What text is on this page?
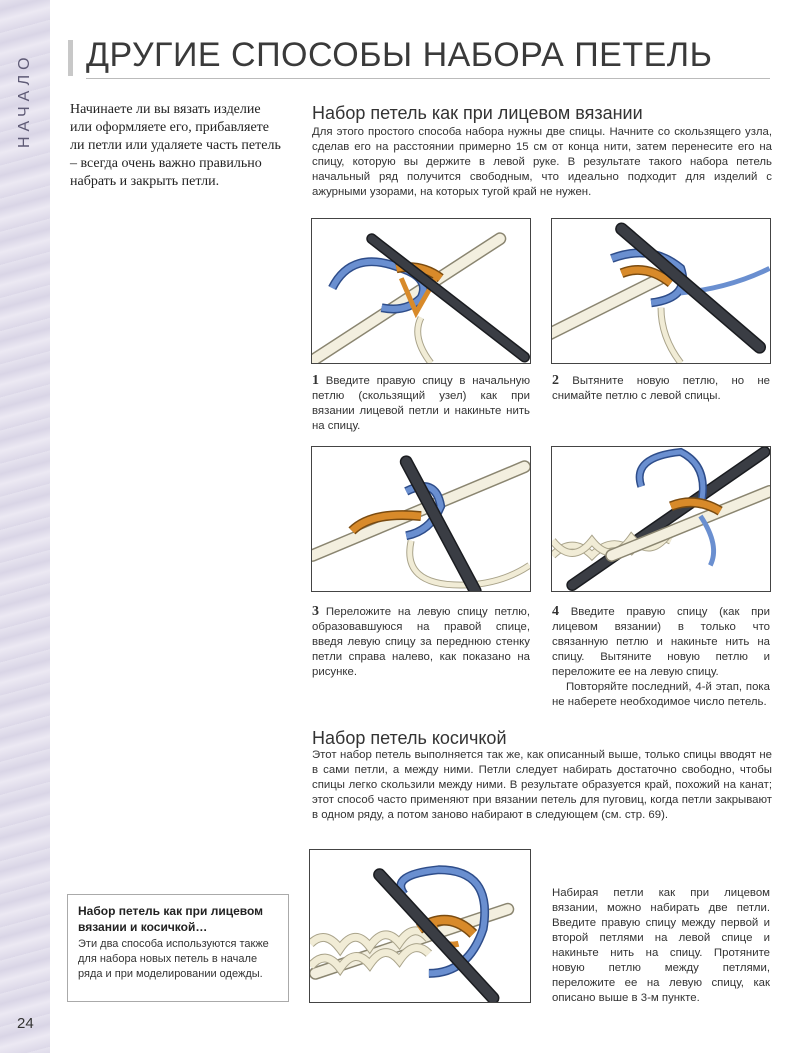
НАЧАЛО
24
ДРУГИЕ СПОСОБЫ НАБОРА ПЕТЕЛЬ
Начинаете ли вы вязать изделие или оформляете его, прибавляете ли петли или удаляете часть петель – всегда очень важно правильно набрать и закрыть петли.
Набор петель как при лицевом вязании
Для этого простого способа набора нужны две спицы. Начните со скользящего узла, сделав его на расстоянии примерно 15 см от конца нити, затем перенесите его на спицу, которую вы держите в левой руке. В результате такого набора петель начальный ряд получится свободным, что идеально подходит для изделий с ажурными узорами, на которых тугой край не нужен.
1 Введите правую спицу в начальную петлю (скользящий узел) как при вязании лицевой петли и накиньте нить на спицу.
2 Вытяните новую петлю, но не снимайте петлю с левой спицы.
3 Переложите на левую спицу петлю, образовавшуюся на правой спице, введя левую спицу за переднюю стенку петли справа налево, как показано на рисунке.
4 Введите правую спицу (как при лицевом вязании) в только что связанную петлю и накиньте нить на спицу. Вытяните новую петлю и переложите ее на левую спицу.
Повторяйте последний, 4-й этап, пока не наберете необходимое число петель.
Набор петель косичкой
Этот набор петель выполняется так же, как описанный выше, только спицы вводят не в сами петли, а между ними. Петли следует набирать достаточно свободно, чтобы спицы легко скользили между ними. В результате образуется край, похожий на канат; этот способ часто применяют при вязании петель для пуговиц, когда петли закрывают в одном ряду, а потом заново набирают в следующем (см. стр. 69).
Набирая петли как при лицевом вязании, можно набирать две петли. Введите правую спицу между первой и второй петлями на левой спице и накиньте нить на спицу. Протяните новую петлю между петлями, переложите ее на левую спицу, как описано выше в 3-м пункте.
Набор петель как при лицевом вязании и косичкой…
Эти два способа используются также для набора новых петель в начале ряда и при моделировании одежды.
